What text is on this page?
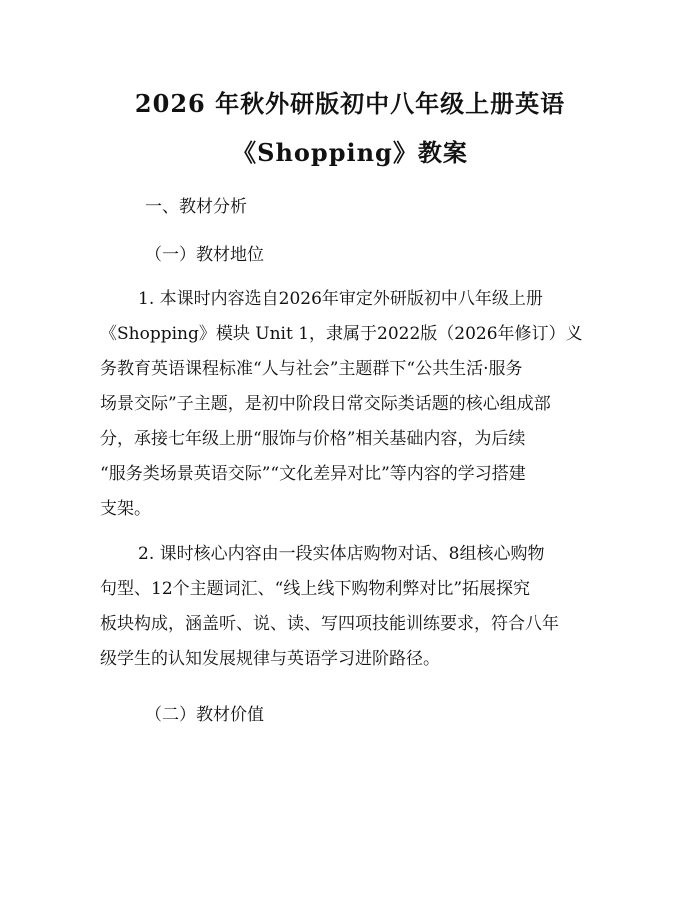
2026 年秋外研版初中八年级上册英语
《Shopping》教案
一、教材分析
（一）教材地位

1. 本课时内容选自2026年审定外研版初中八年级上册
《Shopping》模块 Unit 1，隶属于2022版（2026年修订）义
务教育英语课程标准“人与社会”主题群下“公共生活·服务
场景交际”子主题，是初中阶段日常交际类话题的核心组成部
分，承接七年级上册“服饰与价格”相关基础内容，为后续
“服务类场景英语交际”“文化差异对比”等内容的学习搭建
支架。

2. 课时核心内容由一段实体店购物对话、8组核心购物
句型、12个主题词汇、“线上线下购物利弊对比”拓展探究
板块构成，涵盖听、说、读、写四项技能训练要求，符合八年
级学生的认知发展规律与英语学习进阶路径。

（二）教材价值
